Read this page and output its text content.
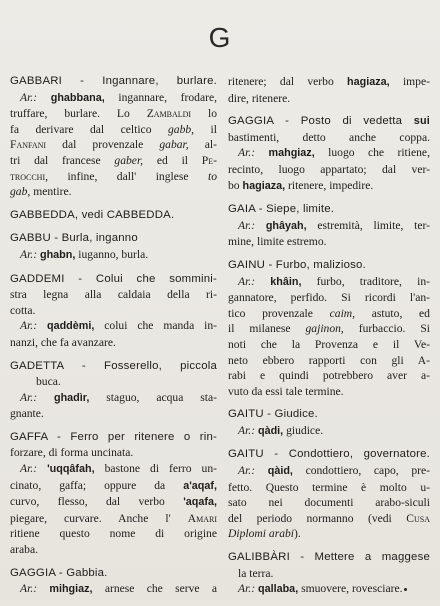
G
GABBARI - Ingannare, burlare.
Ar.: ghabbana, ingannare, frodare,
truffare, burlare. Lo Zambaldi lo
fa derivare dal celtico gabb, il
Fanfani dal provenzale gabar, al-
tri dal francese gaber, ed il Pe-
trocchi, infine, dall' inglese to
gab, mentire.
GABBEDDA, vedi CABBEDDA.
GABBU - Burla, inganno
Ar.: ghabn, iuganno, burla.
GADDEMI - Colui che sommini-
stra legna alla caldaia della ri-
cotta.
Ar.: qaddèmi, colui che manda in-
nanzi, che fa avanzare.
GADETTA - Fosserello, piccola
buca.
Ar.: ghadìr, staguo, acqua sta-
gnante.
GAFFA - Ferro per ritenere o rin-
forzare, di forma uncinata.
Ar.: 'uqqâfah, bastone di ferro un-
cinato, gaffa; oppure da a'aqaf,
curvo, flesso, dal verbo 'aqafa,
piegare, curvare. Anche l' Amari
ritiene questo nome di origine
araba.
GAGGIA - Gabbia.
Ar.: mihgiaz, arnese che serve a
ritenere; dal verbo hagiaza, impe-
dire, ritenere.
GAGGIA - Posto di vedetta sui
bastimenti, detto anche coppa.
Ar.: mahgiaz, luogo che ritiene,
recinto, luogo appartato; dal ver-
bo hagiaza, ritenere, impedire.
GAIA - Siepe, limite.
Ar.: ghâyah, estremità, limite, ter-
mine, limite estremo.
GAINU - Furbo, malizioso.
Ar.: khâin, furbo, traditore, in-
gannatore, perfido. Si ricordi l'an-
tico provenzale caim, astuto, ed
il milanese gajinon, furbaccio. Si
noti che la Provenza e il Ve-
neto ebbero rapporti con gli A-
rabi e quindi potrebbero aver a-
vuto da essi tale termine.
GAITU - Giudice.
Ar.: qàdi, giudice.
GAITU - Condottiero, governatore.
Ar.: qàid, condottiero, capo, pre-
fetto. Questo termine è molto u-
sato nei documenti arabo-siculi
del periodo normanno (vedi Cusa
Diplomi arabi).
GALIBBÀRI - Mettere a maggese
la terra.
Ar.: qallaba, smuovere, rovesciare.
